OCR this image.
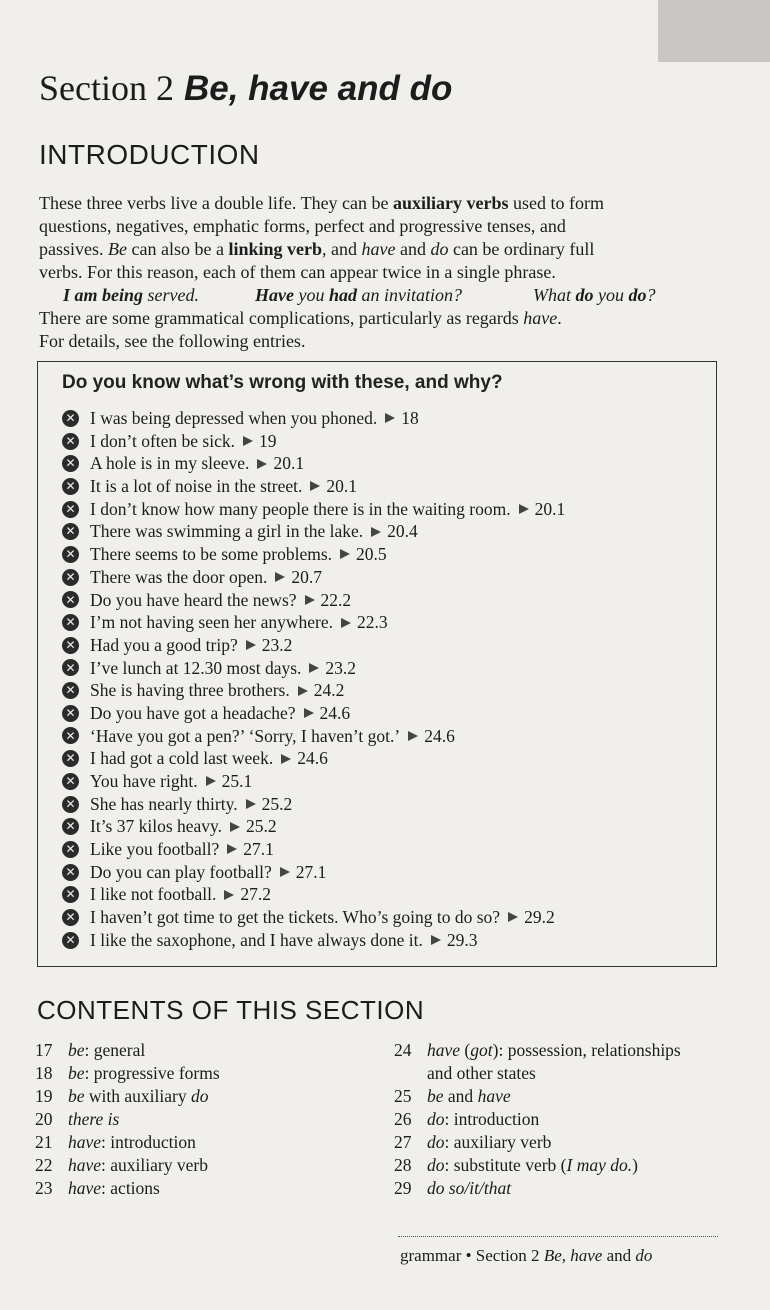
Section 2 Be, have and do
INTRODUCTION

These three verbs live a double life. They can be auxiliary verbs used to form

questions, negatives, emphatic forms, perfect and progressive tenses, and

passives. Be can also be a linking verb, and have and do can be ordinary full

verbs. For this reason, each of them can appear twice in a single phrase.

I am being served.	Have you had an invitation?	What do you do?

There are some grammatical complications, particularly as regards have.

For details, see the following entries.

Do you know what’s wrong with these, and why?
✕ I was being depressed when you phoned. 18
✕ I don’t often be sick. 19
✕ A hole is in my sleeve. 20.1
✕ It is a lot of noise in the street. 20.1
✕ I don’t know how many people there is in the waiting room. 20.1
✕ There was swimming a girl in the lake. 20.4
✕ There seems to be some problems. 20.5
✕ There was the door open. 20.7
✕ Do you have heard the news? 22.2
✕ I’m not having seen her anywhere. 22.3
✕ Had you a good trip? 23.2
✕ I’ve lunch at 12.30 most days. 23.2
✕ She is having three brothers. 24.2
✕ Do you have got a headache? 24.6
✕ ‘Have you got a pen?’ ‘Sorry, I haven’t got.’ 24.6
✕ I had got a cold last week. 24.6
✕ You have right. 25.1
✕ She has nearly thirty. 25.2
✕ It’s 37 kilos heavy. 25.2
✕ Like you football? 27.1
✕ Do you can play football? 27.1
✕ I like not football. 27.2
✕ I haven’t got time to get the tickets. Who’s going to do so? 29.2
✕ I like the saxophone, and I have always done it. 29.3
CONTENTS OF THIS SECTION
17 be: general
18 be: progressive forms
19 be with auxiliary do
20 there is
21 have: introduction
22 have: auxiliary verb
23 have: actions
24 have (got): possession, relationships and other states
25 be and have
26 do: introduction
27 do: auxiliary verb
28 do: substitute verb (I may do.)
29 do so/it/that
grammar • Section 2 Be, have and do
